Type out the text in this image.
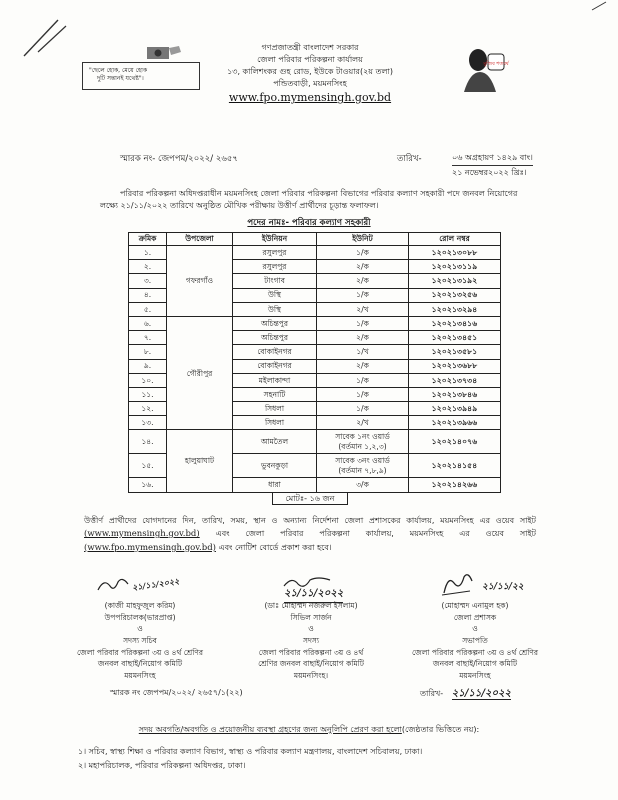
"ছেলে হোক, মেয়ে হোক
দুটি সন্তানই যথেষ্ট"।
গণপ্রজাতন্ত্রী বাংলাদেশ সরকার
জেলা পরিবার পরিকল্পনা কার্যালয়
১৩, কালিশংকর গুহ রোড, ইউকে টাওয়ার(২য় তলা)
পন্ডিতবাড়ী, ময়মনসিংহ
www.fpo.mymensingh.gov.bd
মুজিব শতবর্ষ
স্মারক নং- জেপপম/২০২২/ ২৬৫৭	তারিখ-	০৬ অগ্রহায়ণ ১৪২৯ বাং।
২১ নভেম্বর২০২২ খ্রিঃ।
পরিবার পরিকল্পনা অধিদপ্তরাধীন ময়মনসিংহ জেলা পরিবার পরিকল্পনা বিভাগের পরিবার কল্যাণ সহকারী পদে জনবল নিয়োগের লক্ষ্যে ২১/১১/২০২২ তারিখে অনুষ্ঠিত মৌখিক পরীক্ষায় উত্তীর্ণ প্রার্থীদের চূড়ান্ত ফলাফল।
পদের নামঃ- পরিবার কল্যাণ সহকারী
ক্রমিক	উপজেলা	ইউনিয়ন	ইউনিট	রোল নম্বর
১.	গফরগাঁও	রসুলপুর	১/ক	১২০২১৩০৮৮
২.		রসুলপুর	২/ক	১২০২১৩১১৯
৩.		টাংগাব	২/ক	১২০২১৩১৯২
৪.		উস্থি	১/ক	১২০২১৩২৫৬
৫.		উস্থি	২/খ	১২০২১৩২৯৪
৬.	গৌরীপুর	অচিন্তপুর	১/ক	১২০২১৩৪১৬
৭.		অচিন্তপুর	২/ক	১২০২১৩৪৫১
৮.		বোকাইনগর	১/খ	১২০২১৩৫৮১
৯.		বোকাইনগর	২/ক	১২০২১৩৬৮৮
১০.		মইলাকান্দা	১/ক	১২০২১৩৭৩৪
১১.		সহনাটি	১/ক	১২০২১৩৮৪৬
১২.		সিধলা	১/ক	১২০২১৩৯৪৯
১৩.		সিধলা	২/খ	১২০২১৩৯৬৬
১৪.	হালুয়াঘাট	আমতৈল	সাবেক ১নং ওয়ার্ড
(বর্তমান ১,২,৩)	১২০২১৪০৭৬
১৫.		ভুবনকুড়া	সাবেক ৩নং ওয়ার্ড
(বর্তমান ৭,৮,৯)	১২০২১৪১৫৪
১৬.		ধারা	৩/ক	১২০২১৪২৬৬
মোটঃ- ১৬ জন
উত্তীর্ণ প্রার্থীদের যোগদানের দিন, তারিখ, সময়, স্থান ও অন্যান্য নির্দেশনা জেলা প্রশাসকের কার্যালয়, ময়মনসিংহ এর ওয়েব সাইট (www.mymensingh.gov.bd) এবং জেলা পরিবার পরিকল্পনা কার্যালয়, ময়মনসিংহ এর ওয়েব সাইট (www.fpo.mymensingh.gov.bd) এবং নোটিশ বোর্ডে প্রকাশ করা হবে।
২১/১১/২০২২
(কাজী মাহফুজুল করিম)
উপপরিচালক(ভারপ্রাপ্ত)
ও
সদস্য সচিব
জেলা পরিবার পরিকল্পনা ৩য় ও ৪র্থ শ্রেণির
জনবল বাছাই/নিয়োগ কমিটি
ময়মনসিংহ
২১/১১/২০২২
(ডাঃ মোহাম্মদ নজরুল ইসলাম)
সিভিল সার্জন
ও
সদস্য
জেলা পরিবার পরিকল্পনা ৩য় ও ৪র্থ
শ্রেণির জনবল বাছাই/নিয়োগ কমিটি
ময়মনসিংহ।
২১/১১/২২
(মোহাম্মদ এনামুল হক)
জেলা প্রশাসক
ও
সভাপতি
জেলা পরিবার পরিকল্পনা ৩য় ও ৪র্থ শ্রেণির
জনবল বাছাই/নিয়োগ কমিটি
ময়মনসিংহ
স্মারক নং জেপপম/২০২২/ ২৬৫৭/১(২২)	তারিখ- ২১/১১/২০২২
সদয় অবগতি/অবগতি ও প্রয়োজনীয় ব্যবস্থা গ্রহণের জন্য অনুলিপি প্রেরণ করা হলো(জেষ্ঠতার ভিত্তিতে নয়):
১। সচিব, স্বাস্থ্য শিক্ষা ও পরিবার কল্যাণ বিভাগ, স্বাস্থ্য ও পরিবার কল্যাণ মন্ত্রণালয়, বাংলাদেশ সচিবালয়, ঢাকা।
২। মহাপরিচালক, পরিবার পরিকল্পনা অধিদপ্তর, ঢাকা।
